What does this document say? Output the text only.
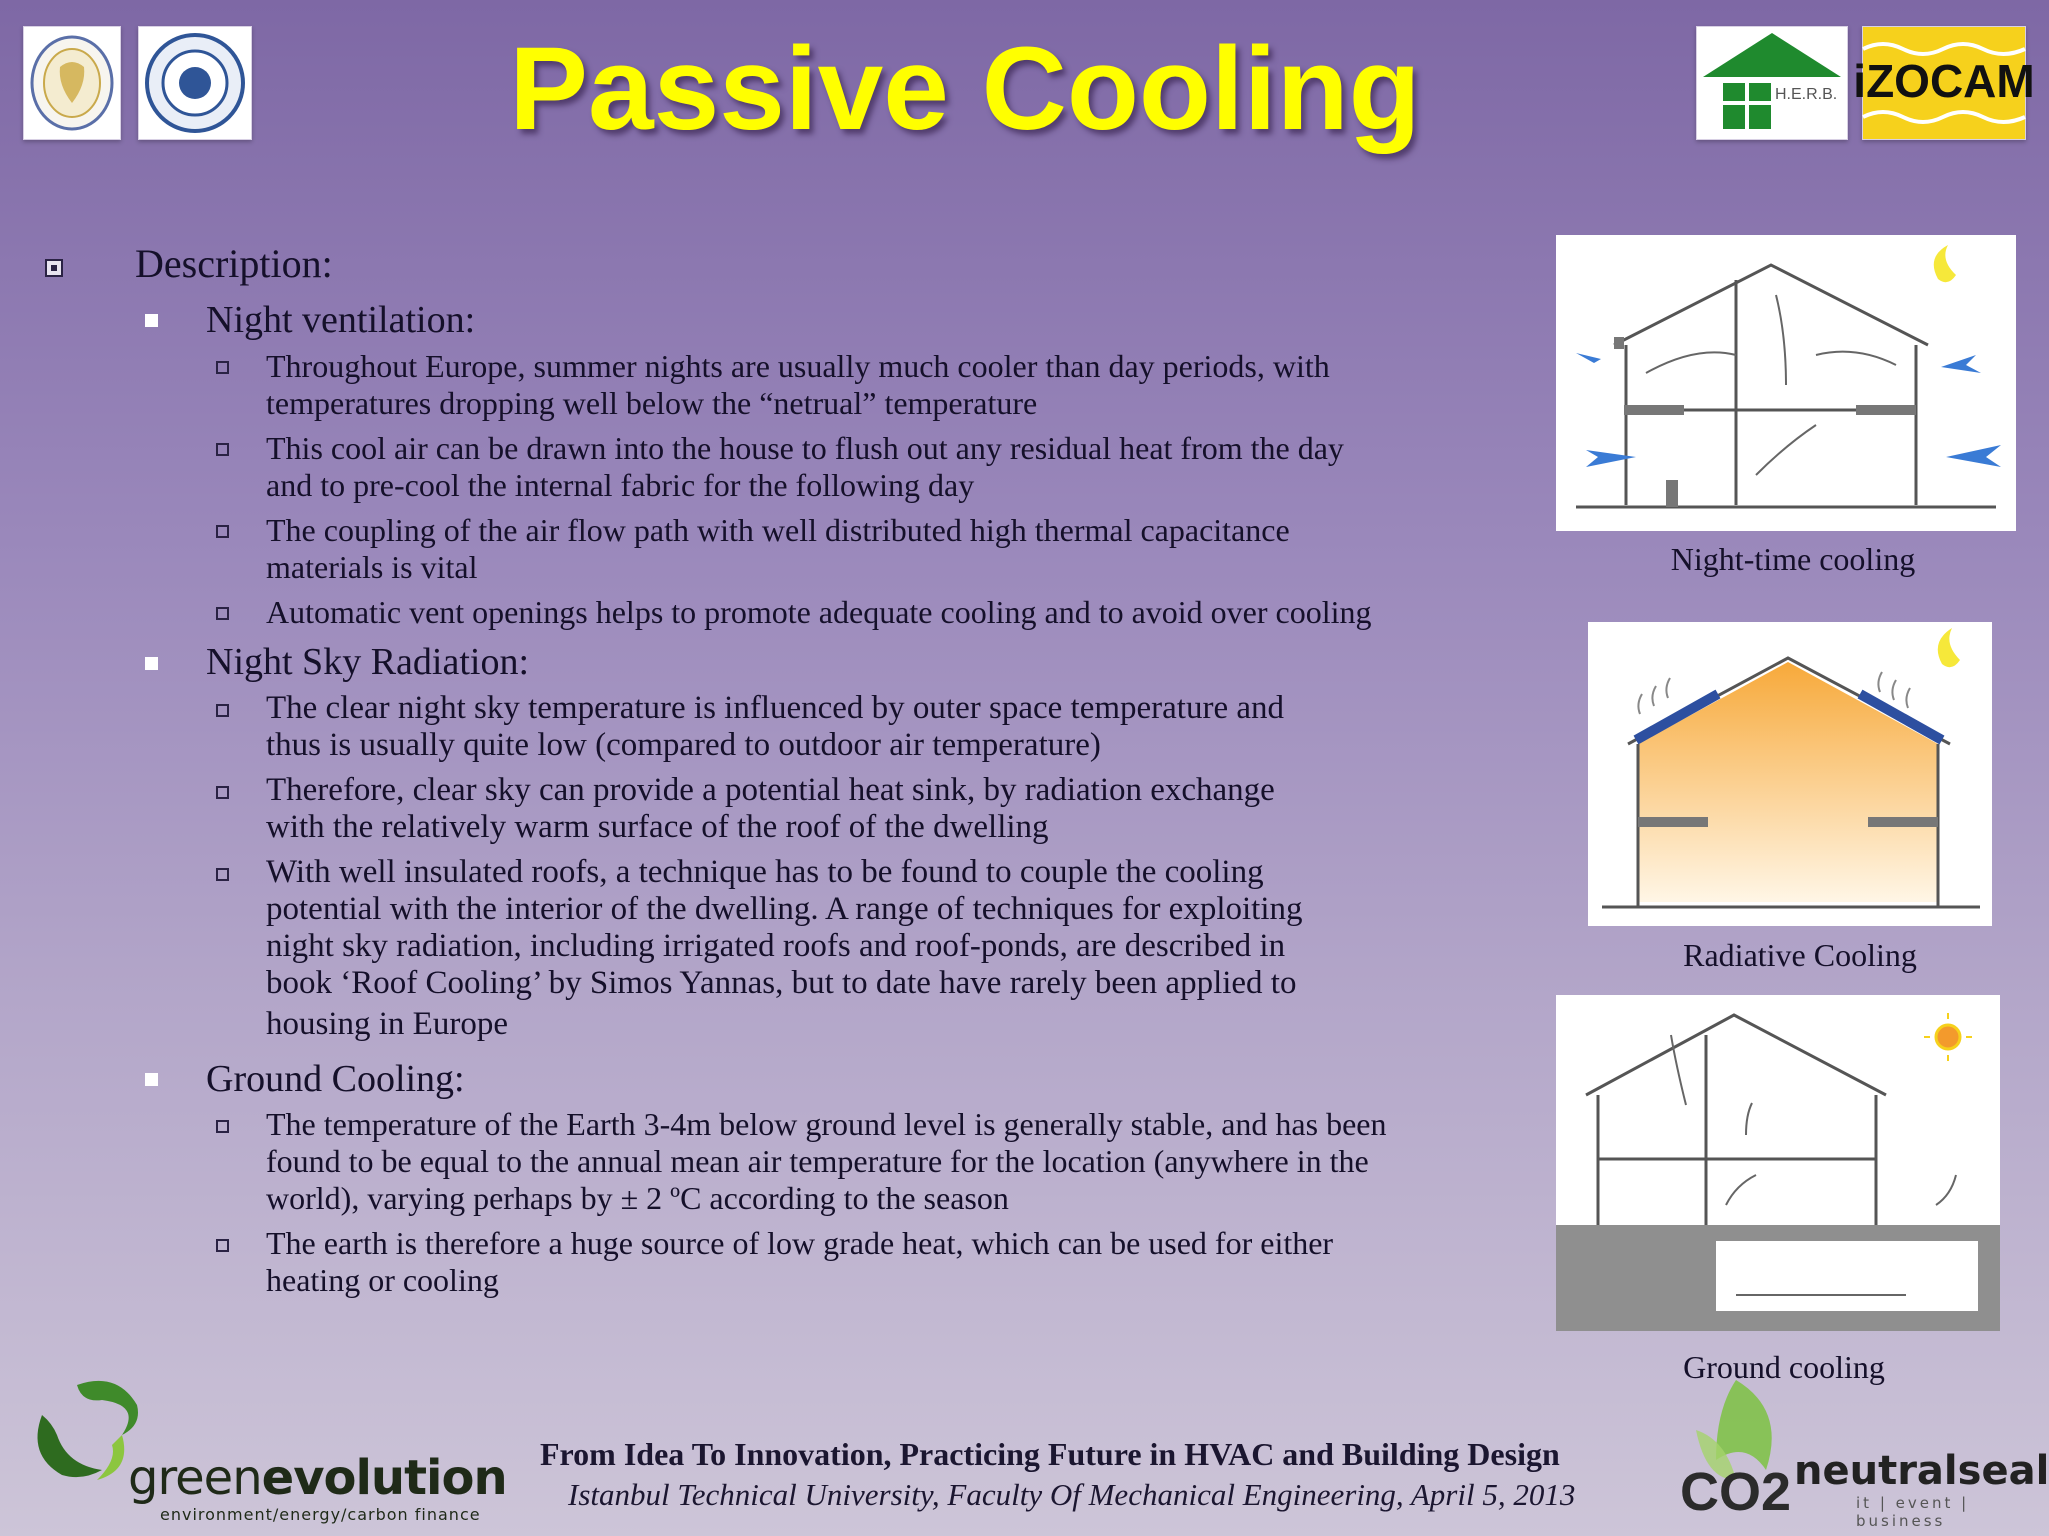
Passive Cooling	H.E.R.B. iZOCAM
Description:
Night ventilation:
Throughout Europe, summer nights are usually much cooler than day periods, with
temperatures dropping well below the “netrual” temperature
This cool air can be drawn into the house to flush out any residual heat from the day
and to pre-cool the internal fabric for the following day
The coupling of the air flow path with well distributed high thermal capacitance
materials is vital
Automatic vent openings helps to promote adequate cooling and to avoid over cooling
Night Sky Radiation:
The clear night sky temperature is influenced by outer space temperature and
thus is usually quite low (compared to outdoor air temperature)
Therefore, clear sky can provide a potential heat sink, by radiation exchange
with the relatively warm surface of the roof of the dwelling
With well insulated roofs, a technique has to be found to couple the cooling
potential with the interior of the dwelling. A range of techniques for exploiting
night sky radiation, including irrigated roofs and roof-ponds, are described in
book ‘Roof Cooling’ by Simos Yannas, but to date have rarely been applied to
housing in Europe
Ground Cooling:
The temperature of the Earth 3-4m below ground level is generally stable, and has been
found to be equal to the annual mean air temperature for the location (anywhere in the
world), varying perhaps by ± 2 ºC according to the season
The earth is therefore a huge source of low grade heat, which can be used for either
heating or cooling
Night-time cooling
Radiative Cooling
Ground cooling
greenevolution
environment/energy/carbon finance
From Idea To Innovation, Practicing Future in HVAC and Building Design
Istanbul Technical University, Faculty Of Mechanical Engineering, April 5, 2013 CO2 neutralseal
it | event | business
